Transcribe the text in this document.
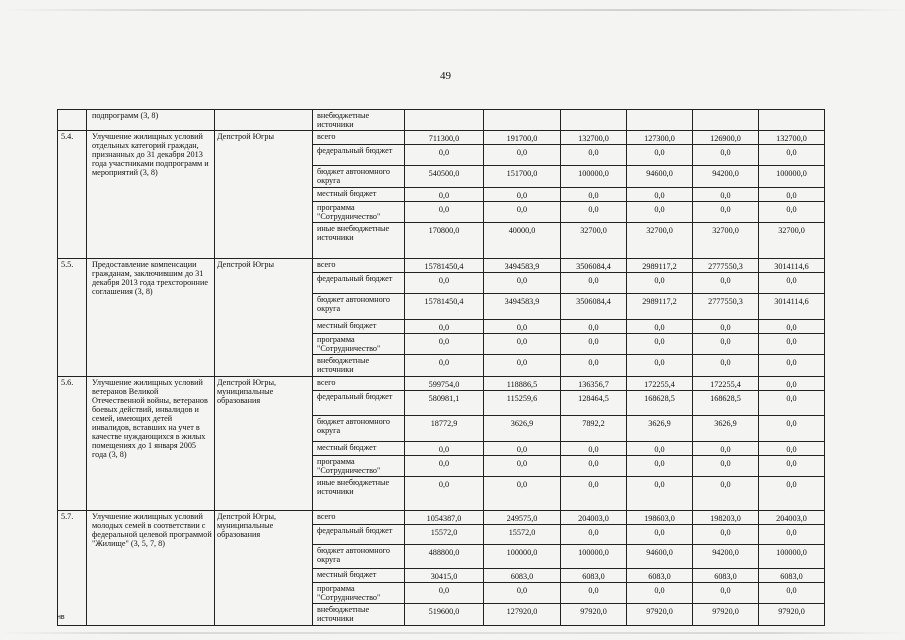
49
	подпрограмм (3, 8)		внебюджетные источники						
5.4.	Улучшение жилищных условий отдельных категорий граждан, признанных до 31 декабря 2013 года участниками подпрограмм и мероприятий (3, 8)	Депстрой Югры	всего	711300,0	191700,0	132700,0	127300,0	126900,0	132700,0
			федеральный бюджет	0,0	0,0	0,0	0,0	0,0	0,0
			бюджет автономного округа	540500,0	151700,0	100000,0	94600,0	94200,0	100000,0
			местный бюджет	0,0	0,0	0,0	0,0	0,0	0,0
			программа "Сотрудничество"	0,0	0,0	0,0	0,0	0,0	0,0
			иные внебюджетные источники	170800,0	40000,0	32700,0	32700,0	32700,0	32700,0
5.5.	Предоставление компенсации гражданам, заключившим до 31 декабря 2013 года трехсторонние соглашения (3, 8)	Депстрой Югры	всего	15781450,4	3494583,9	3506084,4	2989117,2	2777550,3	3014114,6
			федеральный бюджет	0,0	0,0	0,0	0,0	0,0	0,0
			бюджет автономного округа	15781450,4	3494583,9	3506084,4	2989117,2	2777550,3	3014114,6
			местный бюджет	0,0	0,0	0,0	0,0	0,0	0,0
			программа "Сотрудничество"	0,0	0,0	0,0	0,0	0,0	0,0
			внебюджетные источники	0,0	0,0	0,0	0,0	0,0	0,0
5.6.	Улучшение жилищных условий ветеранов Великой Отечественной войны, ветеранов боевых действий, инвалидов и семей, имеющих детей инвалидов, вставших на учет в качестве нуждающихся в жилых помещениях до 1 января 2005 года (3, 8)	Депстрой Югры, муниципальные образования	всего	599754,0	118886,5	136356,7	172255,4	172255,4	0,0
			федеральный бюджет	580981,1	115259,6	128464,5	168628,5	168628,5	0,0
			бюджет автономного округа	18772,9	3626,9	7892,2	3626,9	3626,9	0,0
			местный бюджет	0,0	0,0	0,0	0,0	0,0	0,0
			программа "Сотрудничество"	0,0	0,0	0,0	0,0	0,0	0,0
			иные внебюджетные источники	0,0	0,0	0,0	0,0	0,0	0,0
5.7.	Улучшение жилищных условий молодых семей в соответствии с федеральной целевой программой "Жилище" (3, 5, 7, 8)	Депстрой Югры, муниципальные образования	всего	1054387,0	249575,0	204003,0	198603,0	198203,0	204003,0
			федеральный бюджет	15572,0	15572,0	0,0	0,0	0,0	0,0
			бюджет автономного округа	488800,0	100000,0	100000,0	94600,0	94200,0	100000,0
			местный бюджет	30415,0	6083,0	6083,0	6083,0	6083,0	6083,0
			программа "Сотрудничество"	0,0	0,0	0,0	0,0	0,0	0,0
			внебюджетные источники	519600,0	127920,0	97920,0	97920,0	97920,0	97920,0
нв
